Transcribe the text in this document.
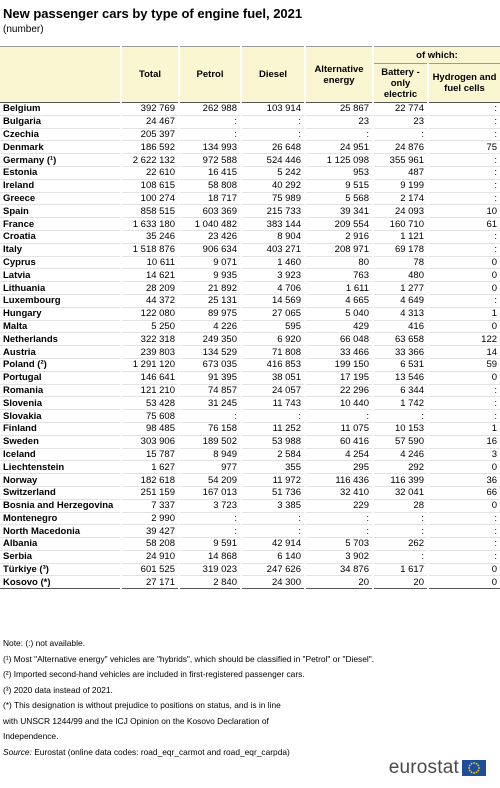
New passenger cars by type of engine fuel, 2021
(number)
	Total	Petrol	Diesel	Alternative energy	of which:	
					Battery - only electric	Hydrogen and fuel cells
Belgium	392 769	262 988	103 914	25 867	22 774	:
Bulgaria	24 467	:	:	23	23	:
Czechia	205 397	:	:	:	:	:
Denmark	186 592	134 993	26 648	24 951	24 876	75
Germany (¹)	2 622 132	972 588	524 446	1 125 098	355 961	:
Estonia	22 610	16 415	5 242	953	487	:
Ireland	108 615	58 808	40 292	9 515	9 199	:
Greece	100 274	18 717	75 989	5 568	2 174	:
Spain	858 515	603 369	215 733	39 341	24 093	10
France	1 633 180	1 040 482	383 144	209 554	160 710	61
Croatia	35 246	23 426	8 904	2 916	1 121	:
Italy	1 518 876	906 634	403 271	208 971	69 178	:
Cyprus	10 611	9 071	1 460	80	78	0
Latvia	14 621	9 935	3 923	763	480	0
Lithuania	28 209	21 892	4 706	1 611	1 277	0
Luxembourg	44 372	25 131	14 569	4 665	4 649	:
Hungary	122 080	89 975	27 065	5 040	4 313	1
Malta	5 250	4 226	595	429	416	0
Netherlands	322 318	249 350	6 920	66 048	63 658	122
Austria	239 803	134 529	71 808	33 466	33 366	14
Poland (²)	1 291 120	673 035	416 853	199 150	6 531	59
Portugal	146 641	91 395	38 051	17 195	13 546	0
Romania	121 210	74 857	24 057	22 296	6 344	:
Slovenia	53 428	31 245	11 743	10 440	1 742	:
Slovakia	75 608	:	:	:	:	:
Finland	98 485	76 158	11 252	11 075	10 153	1
Sweden	303 906	189 502	53 988	60 416	57 590	16
Iceland	15 787	8 949	2 584	4 254	4 246	3
Liechtenstein	1 627	977	355	295	292	0
Norway	182 618	54 209	11 972	116 436	116 399	36
Switzerland	251 159	167 013	51 736	32 410	32 041	66
Bosnia and Herzegovina	7 337	3 723	3 385	229	28	0
Montenegro	2 990	:	:	:	:	:
North Macedonia	39 427	:	:	:	:	:
Albania	58 208	9 591	42 914	5 703	262	:
Serbia	24 910	14 868	6 140	3 902	:	:
Türkiye (³)	601 525	319 023	247 626	34 876	1 617	0
Kosovo (*)	27 171	2 840	24 300	20	20	0
Note: (:) not available.
(¹) Most "Alternative energy" vehicles are "hybrids", which should be classified in "Petrol" or "Diesel".
(²) Imported second-hand vehicles are included in first-registered passenger cars.
(³) 2020 data instead of 2021.
(*) This designation is without prejudice to positions on status, and is in line
with UNSCR 1244/99 and the ICJ Opinion on the Kosovo Declaration of
Independence.
Source: Eurostat (online data codes: road_eqr_carmot and road_eqr_carpda)
eurostat
